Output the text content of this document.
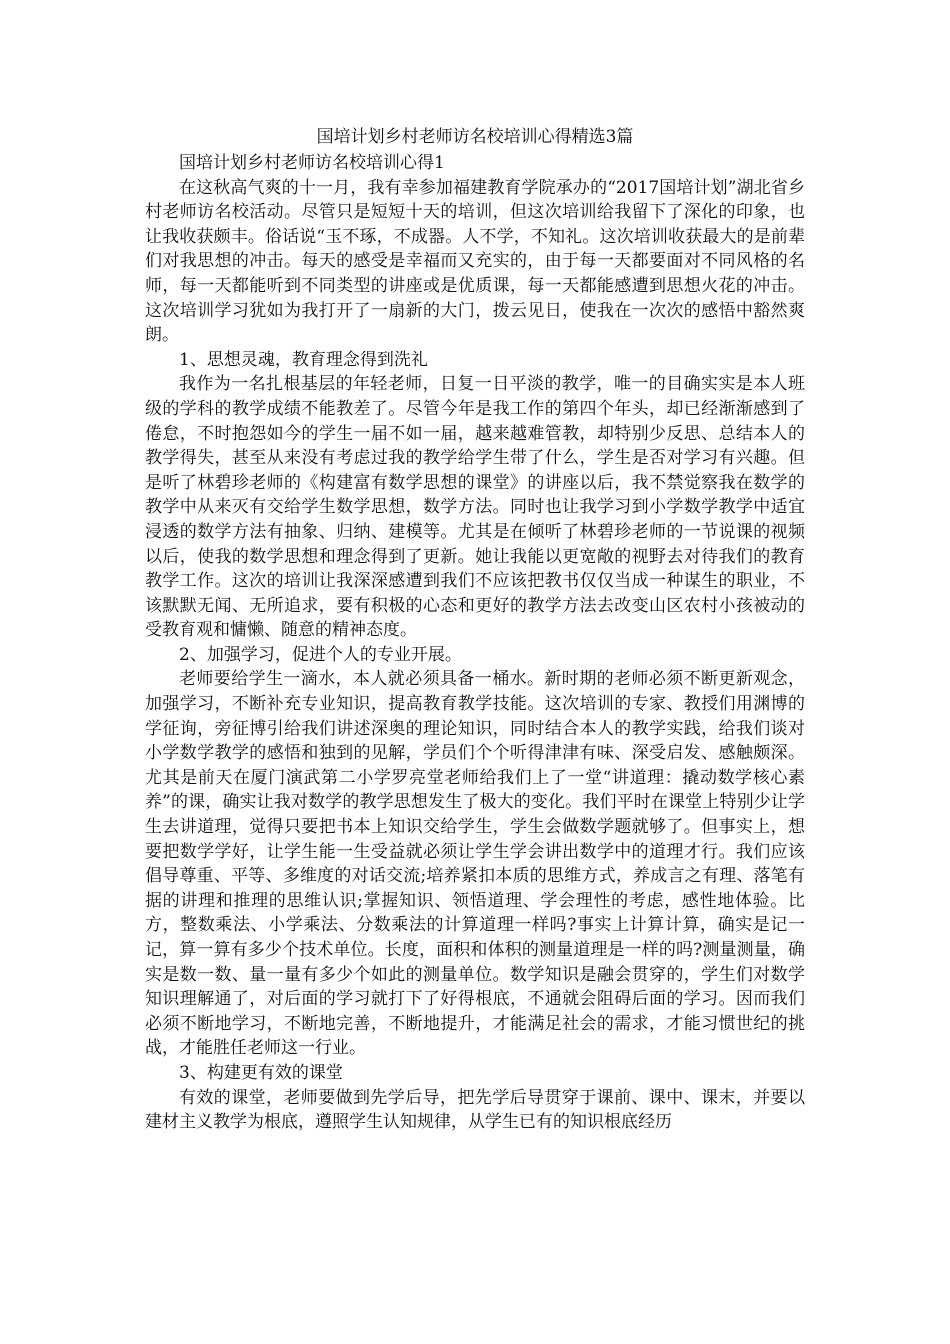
国培计划乡村老师访名校培训心得精选3篇

国培计划乡村老师访名校培训心得1

在这秋高气爽的十一月，我有幸参加福建教育学院承办的“2017国培计划”湖北省乡村老师访名校活动。尽管只是短短十天的培训，但这次培训给我留下了深化的印象，也让我收获颇丰。俗话说“玉不琢，不成器。人不学，不知礼。这次培训收获最大的是前辈们对我思想的冲击。每天的感受是幸福而又充实的，由于每一天都要面对不同风格的名师，每一天都能听到不同类型的讲座或是优质课，每一天都能感遭到思想火花的冲击。这次培训学习犹如为我打开了一扇新的大门，拨云见日，使我在一次次的感悟中豁然爽朗。

1、思想灵魂，教育理念得到洗礼

我作为一名扎根基层的年轻老师，日复一日平淡的教学，唯一的目确实实是本人班级的学科的教学成绩不能教差了。尽管今年是我工作的第四个年头，却已经渐渐感到了倦怠，不时抱怨如今的学生一届不如一届，越来越难管教，却特别少反思、总结本人的教学得失，甚至从来没有考虑过我的教学给学生带了什么，学生是否对学习有兴趣。但是听了林碧珍老师的《构建富有数学思想的课堂》的讲座以后，我不禁觉察我在数学的教学中从来灭有交给学生数学思想，数学方法。同时也让我学习到小学数学教学中适宜浸透的数学方法有抽象、归纳、建模等。尤其是在倾听了林碧珍老师的一节说课的视频以后，使我的数学思想和理念得到了更新。她让我能以更宽敞的视野去对待我们的教育教学工作。这次的培训让我深深感遭到我们不应该把教书仅仅当成一种谋生的职业，不该默默无闻、无所追求，要有积极的心态和更好的教学方法去改变山区农村小孩被动的受教育观和慵懒、随意的精神态度。

2、加强学习，促进个人的专业开展。

老师要给学生一滴水，本人就必须具备一桶水。新时期的老师必须不断更新观念，加强学习，不断补充专业知识，提高教育教学技能。这次培训的专家、教授们用渊博的学征询，旁征博引给我们讲述深奥的理论知识，同时结合本人的教学实践，给我们谈对小学数学教学的感悟和独到的见解，学员们个个听得津津有味、深受启发、感触颇深。尤其是前天在厦门演武第二小学罗亮堂老师给我们上了一堂“讲道理：撬动数学核心素养”的课，确实让我对数学的教学思想发生了极大的变化。我们平时在课堂上特别少让学生去讲道理，觉得只要把书本上知识交给学生，学生会做数学题就够了。但事实上，想要把数学学好，让学生能一生受益就必须让学生学会讲出数学中的道理才行。我们应该倡导尊重、平等、多维度的对话交流;培养紧扣本质的思维方式，养成言之有理、落笔有据的讲理和推理的思维认识;掌握知识、领悟道理、学会理性的考虑，感性地体验。比方，整数乘法、小学乘法、分数乘法的计算道理一样吗?事实上计算计算，确实是记一记，算一算有多少个技术单位。长度，面积和体积的测量道理是一样的吗?测量测量，确实是数一数、量一量有多少个如此的测量单位。数学知识是融会贯穿的，学生们对数学知识理解通了，对后面的学习就打下了好得根底，不通就会阻碍后面的学习。因而我们必须不断地学习，不断地完善，不断地提升，才能满足社会的需求，才能习惯世纪的挑战，才能胜任老师这一行业。

3、构建更有效的课堂

有效的课堂，老师要做到先学后导，把先学后导贯穿于课前、课中、课末，并要以建材主义教学为根底，遵照学生认知规律，从学生已有的知识根底经历
